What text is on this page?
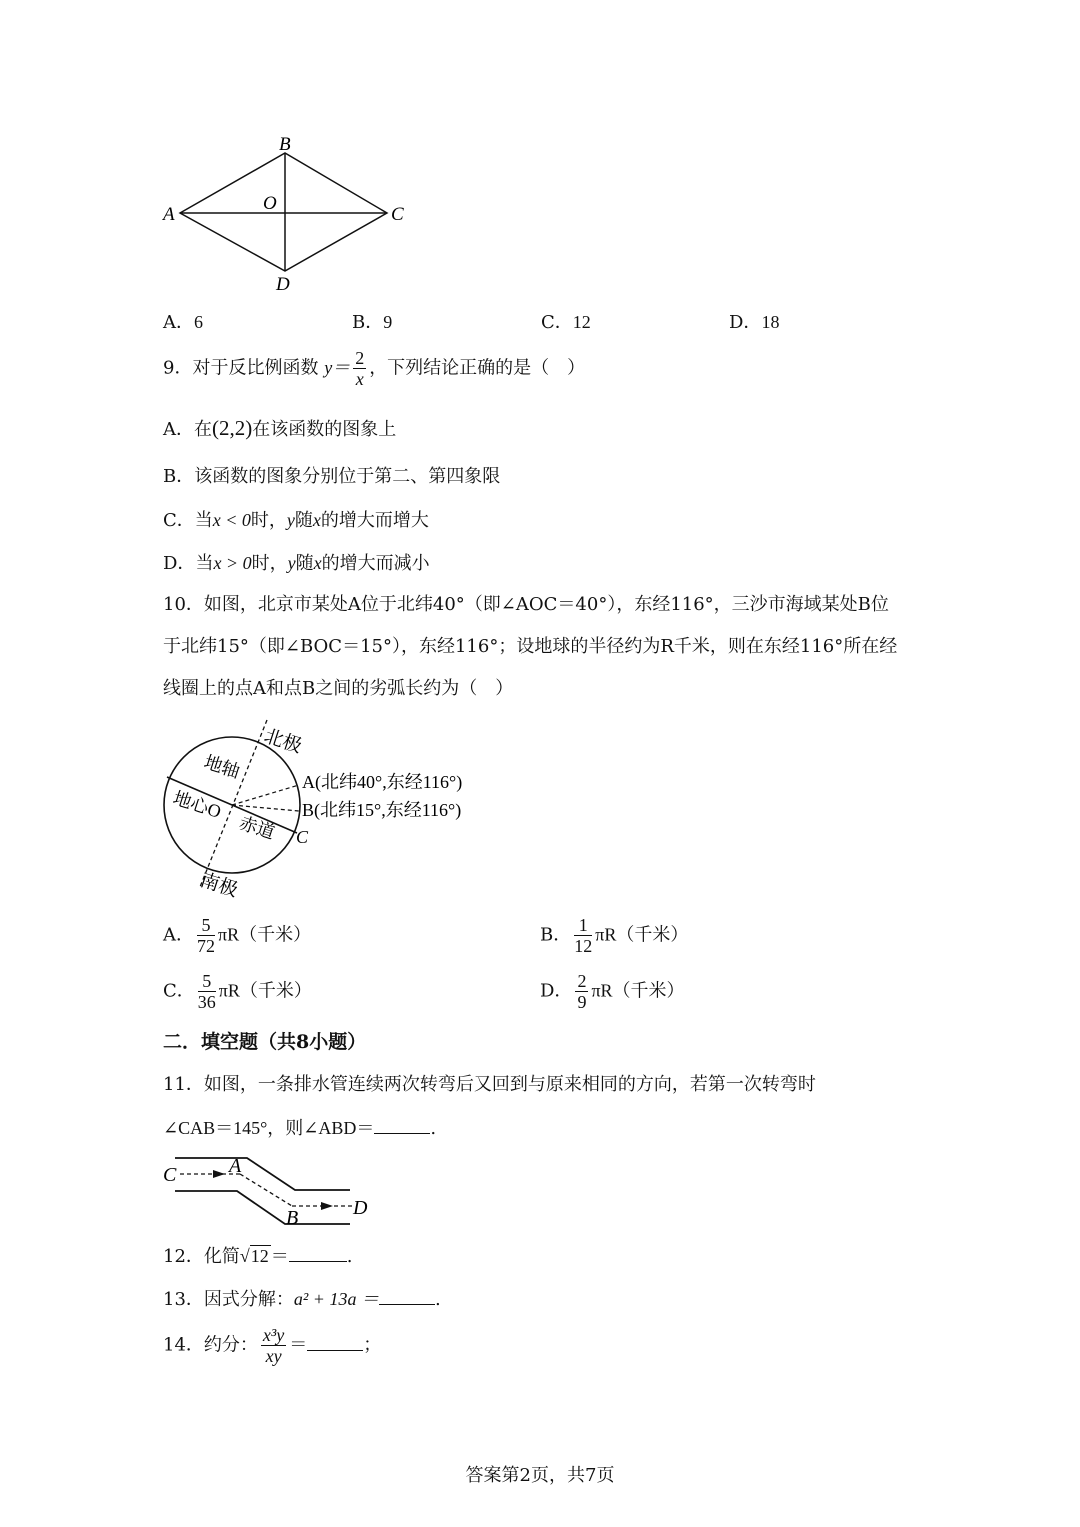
B
A	C
O
D
A．6	B．9	C．12	D．18
9．对于反比例函数 $y= \frac{2}{x}$ ，下列结论正确的是（　）
A．在(2,2)在该函数的图象上
B．该函数的图象分别位于第二、第四象限
C．当x < 0时，y随x的增大而增大
D．当x > 0时，y随x的增大而减小
10．如图，北京市某处A位于北纬40°（即∠AOC＝40°），东经116°，三沙市海域某处B位
于北纬15°（即∠BOC＝15°），东经116°；设地球的半径约为R千米，则在东经116°所在经
线圈上的点A和点B之间的劣弧长约为（　）
北极
地轴
地心O
赤道
南极
A(北纬40°,东经116°)
B(北纬15°,东经116°)
C
A． $\frac{5}{72} \pi R$（千米）	B． $\frac{1}{12} \pi R$（千米）
C． $\frac{5}{36} \pi R$（千米）	D． $\frac{2}{9} \pi R$（千米）
二．填空题（共8小题）
11．如图，一条排水管连续两次转弯后又回到与原来相同的方向，若第一次转弯时
∠CAB＝145°，则∠ABD＝	.
C	A
B	D
12．化简√12 ＝	.
13．因式分解：a² + 13a ＝	.
14．约分： $\frac{\text{x³y}}{xy}$ ＝	；
答案第2页，共7页
